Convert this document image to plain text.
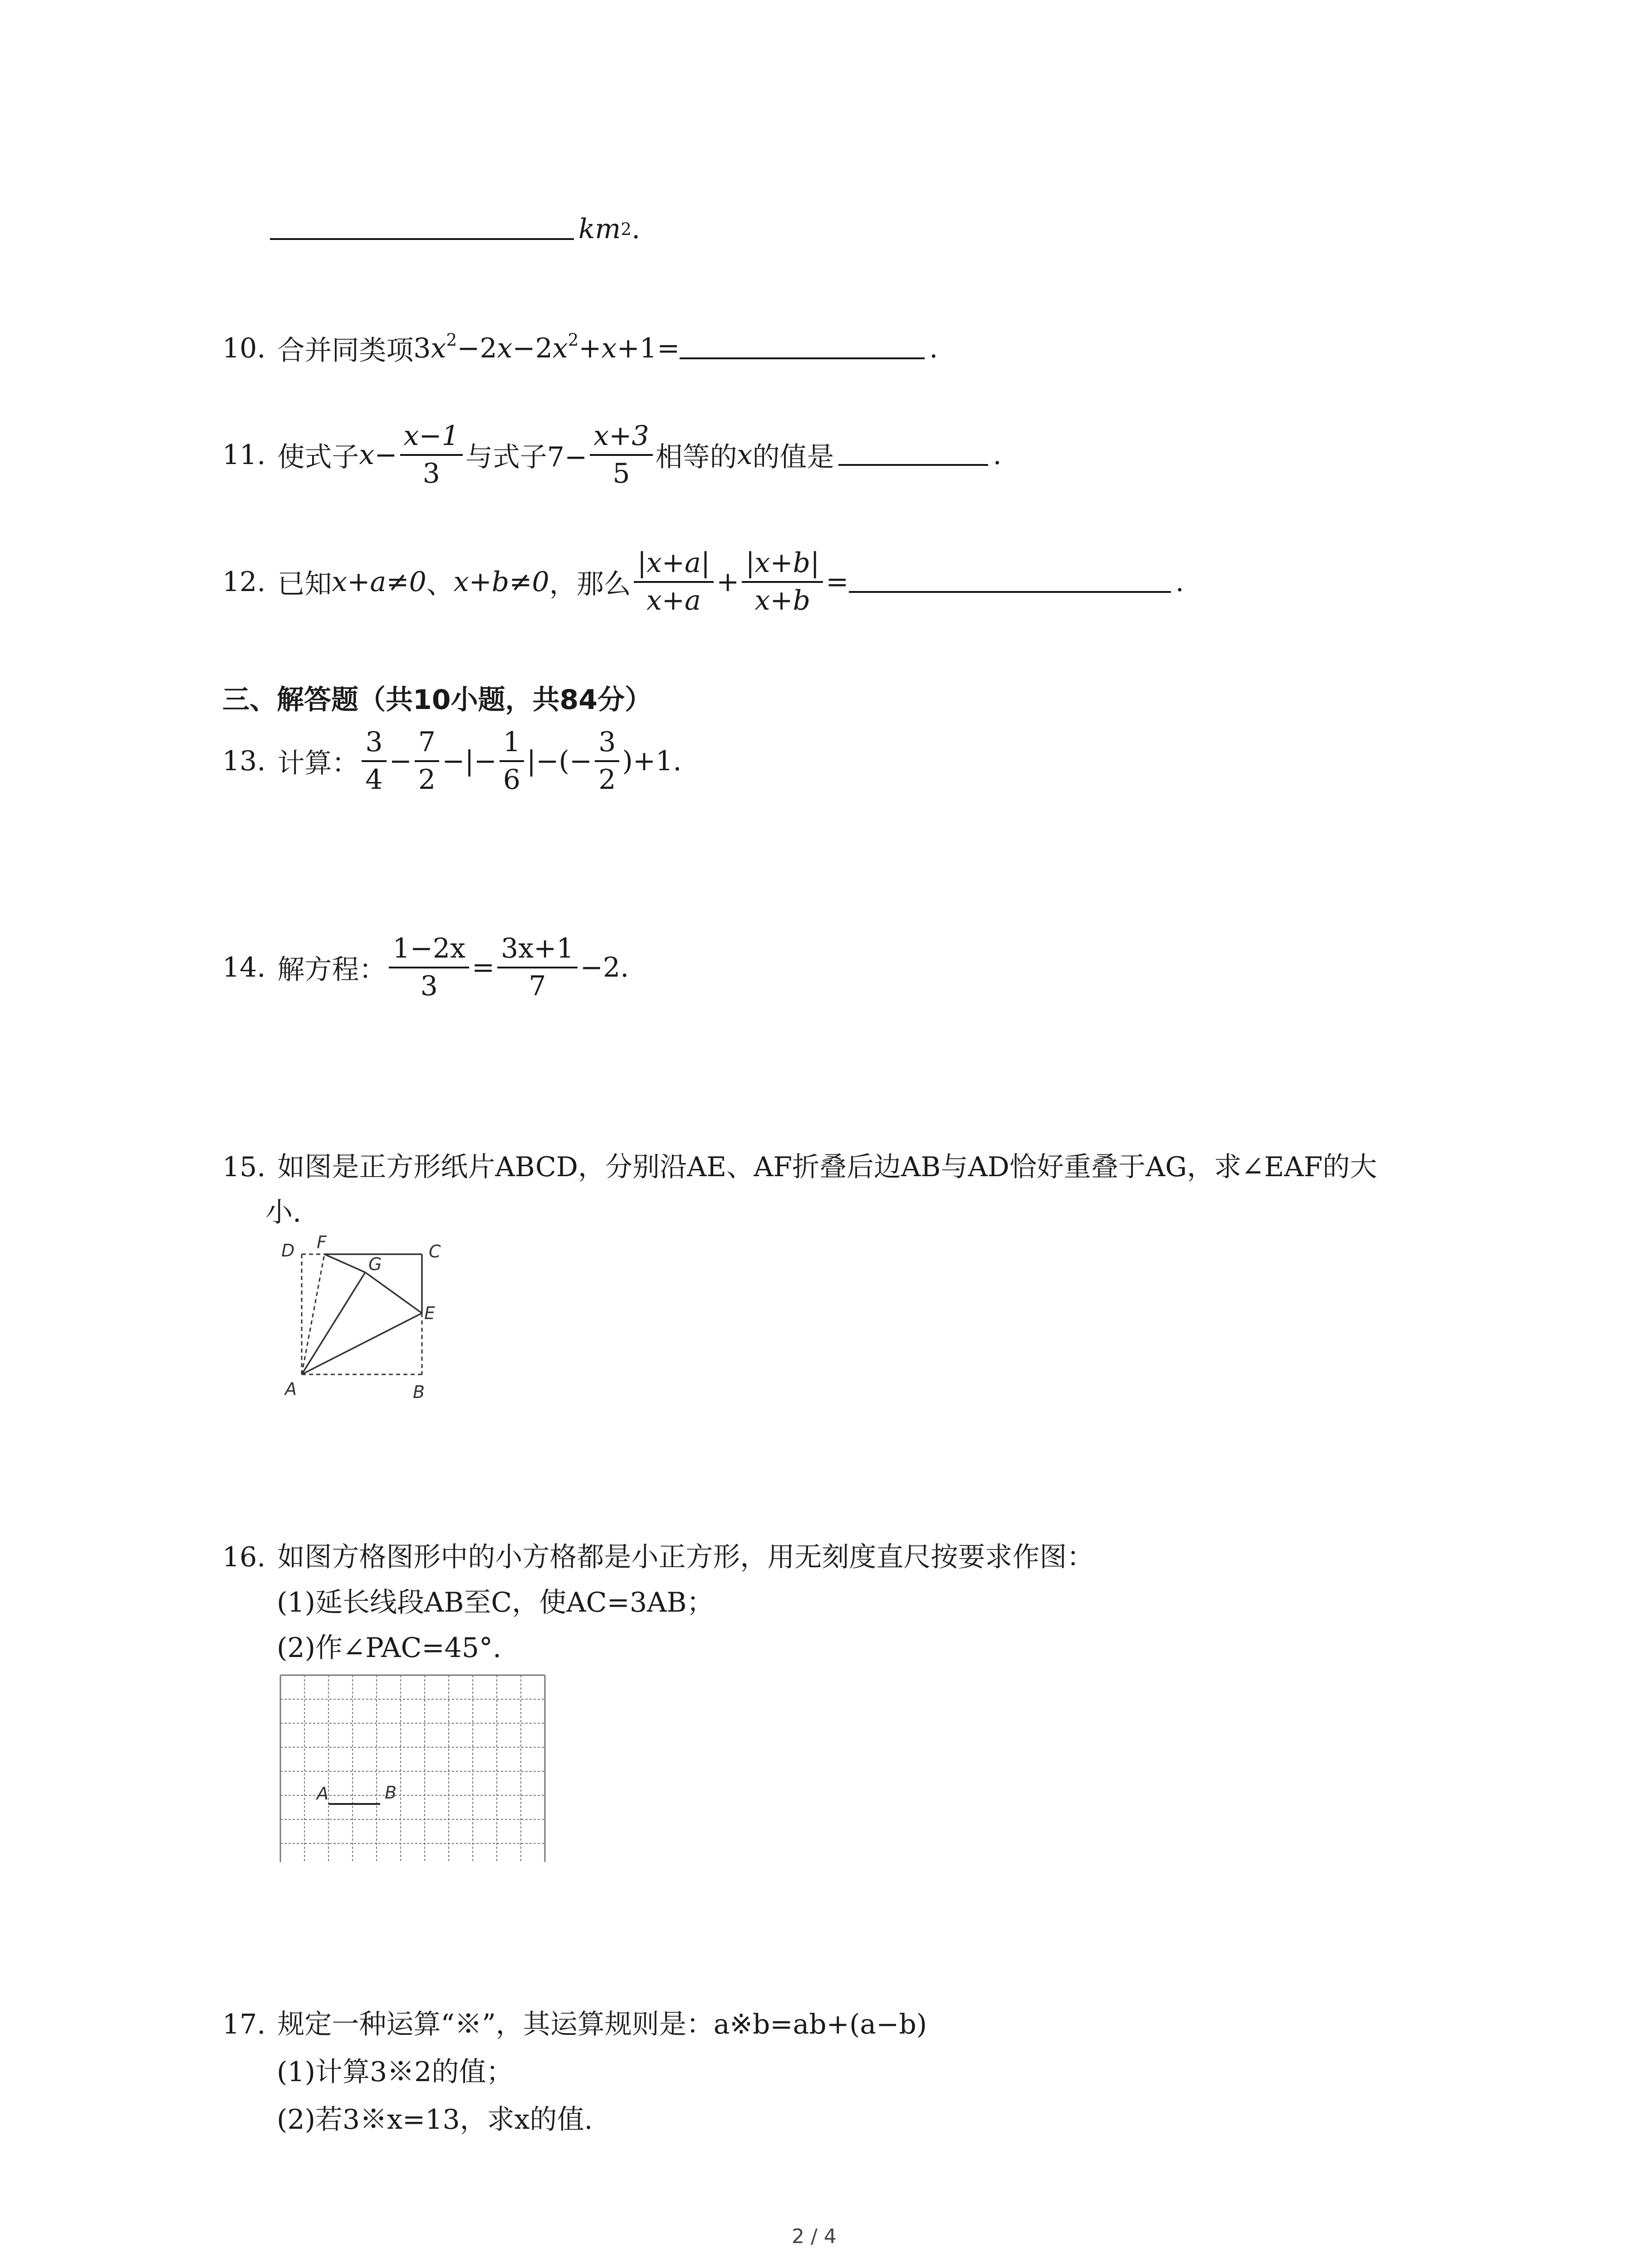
km 2 .
10. 合并同类项 $3x^2-2x-2x^2+x+1=$	.
11. 使式子 $x - \frac{x-1}{3}$ 与式子$7- \frac{x+3}{5}$ 相等的 x 的值是	.
12. 已知 x+a≠0 、 x+b≠0 ，那么 $\frac{|x+a|}{x+a} + \frac{|x+b|}{x+b}$ =	.
三、解答题（共10小题，共84分）
13. 计算： $\frac{3}{4} - \frac{7}{2}$ −|− $\frac{1}{6}$ |−(− $\frac{3}{2} )+1$.
14. 解方程： $\frac{1-2x}{3} = \frac{3x+1}{7} -2$.
15. 如图是正方形纸片ABCD，分别沿AE、AF折叠后边AB与AD恰好重叠于AG，求∠EAF的大
小.
D F
G
C
E
A	B
16. 如图方格图形中的小方格都是小正方形，用无刻度直尺按要求作图：
(1)延长线段AB至C，使AC=3AB；
(2)作∠PAC=45°.
A	B
17. 规定一种运算“※”，其运算规则是：a※b=ab+(a−b)
(1)计算3※2的值；
(2)若3※x=13，求x的值.
2 / 4
